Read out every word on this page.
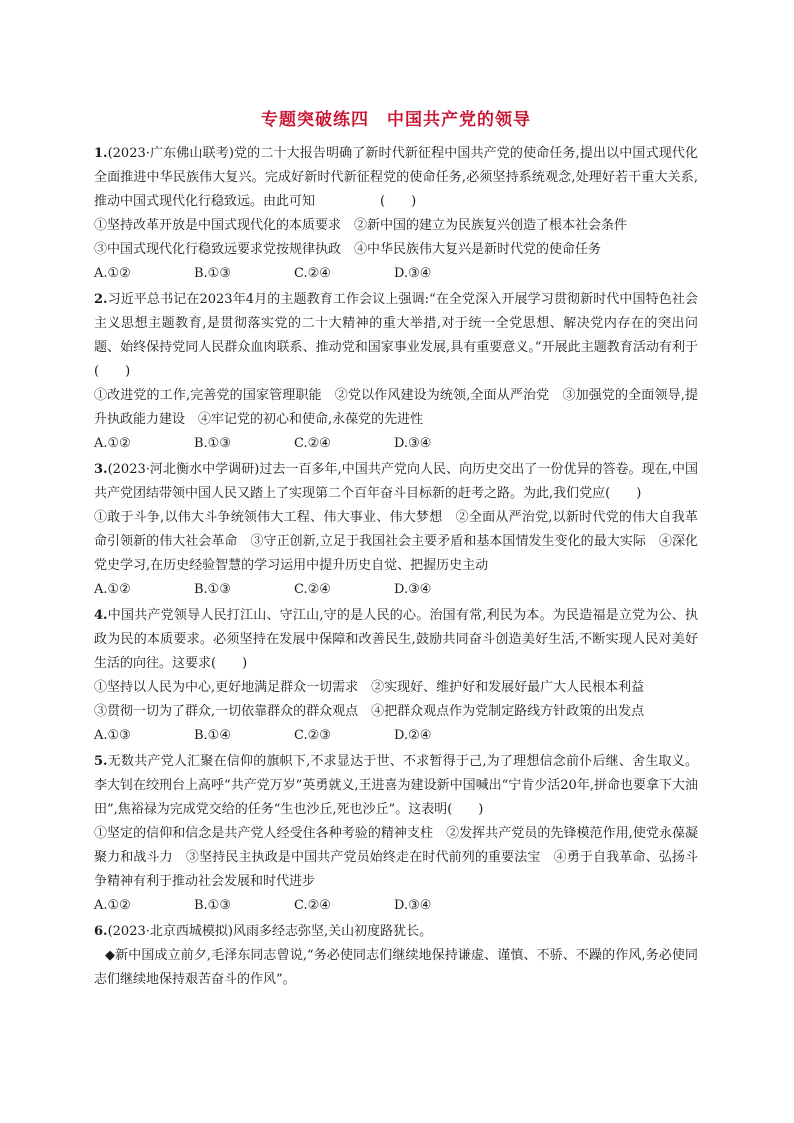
专题突破练四　中国共产党的领导
1.(2023·广东佛山联考)党的二十大报告明确了新时代新征程中国共产党的使命任务,提出以中国式现代化全面推进中华民族伟大复兴。完成好新时代新征程党的使命任务,必须坚持系统观念,处理好若干重大关系,推动中国式现代化行稳致远。由此可知　　　　　(　　)
①坚持改革开放是中国式现代化的本质要求　②新中国的建立为民族复兴创造了根本社会条件
③中国式现代化行稳致远要求党按规律执政　④中华民族伟大复兴是新时代党的使命任务
A.①②	B.①③	C.②④	D.③④
2.习近平总书记在2023年4月的主题教育工作会议上强调:“在全党深入开展学习贯彻新时代中国特色社会主义思想主题教育,是贯彻落实党的二十大精神的重大举措,对于统一全党思想、解决党内存在的突出问题、始终保持党同人民群众血肉联系、推动党和国家事业发展,具有重要意义。”开展此主题教育活动有利于(　　)
①改进党的工作,完善党的国家管理职能　②党以作风建设为统领,全面从严治党　③加强党的全面领导,提升执政能力建设　④牢记党的初心和使命,永葆党的先进性
A.①②	B.①③	C.②④	D.③④
3.(2023·河北衡水中学调研)过去一百多年,中国共产党向人民、向历史交出了一份优异的答卷。现在,中国共产党团结带领中国人民又踏上了实现第二个百年奋斗目标新的赶考之路。为此,我们党应(　　)
①敢于斗争,以伟大斗争统领伟大工程、伟大事业、伟大梦想　②全面从严治党,以新时代党的伟大自我革命引领新的伟大社会革命　③守正创新,立足于我国社会主要矛盾和基本国情发生变化的最大实际　④深化党史学习,在历史经验智慧的学习运用中提升历史自觉、把握历史主动
A.①②	B.①③	C.②④	D.③④
4.中国共产党领导人民打江山、守江山,守的是人民的心。治国有常,利民为本。为民造福是立党为公、执政为民的本质要求。必须坚持在发展中保障和改善民生,鼓励共同奋斗创造美好生活,不断实现人民对美好生活的向往。这要求(　　)
①坚持以人民为中心,更好地满足群众一切需求　②实现好、维护好和发展好最广大人民根本利益
③贯彻一切为了群众,一切依靠群众的群众观点　④把群众观点作为党制定路线方针政策的出发点
A.①③	B.①④	C.②③	D.②④
5.无数共产党人汇聚在信仰的旗帜下,不求显达于世、不求暂得于己,为了理想信念前仆后继、舍生取义。李大钊在绞刑台上高呼“共产党万岁”英勇就义,王进喜为建设新中国喊出“宁肯少活20年,拼命也要拿下大油田”,焦裕禄为完成党交给的任务“生也沙丘,死也沙丘”。这表明(　　)
①坚定的信仰和信念是共产党人经受住各种考验的精神支柱　②发挥共产党员的先锋模范作用,使党永葆凝聚力和战斗力　③坚持民主执政是中国共产党员始终走在时代前列的重要法宝　④勇于自我革命、弘扬斗争精神有利于推动社会发展和时代进步
A.①②	B.①③	C.②④	D.③④
6.(2023·北京西城模拟)风雨多经志弥坚,关山初度路犹长。
◆新中国成立前夕,毛泽东同志曾说,“务必使同志们继续地保持谦虚、谨慎、不骄、不躁的作风,务必使同志们继续地保持艰苦奋斗的作风”。
